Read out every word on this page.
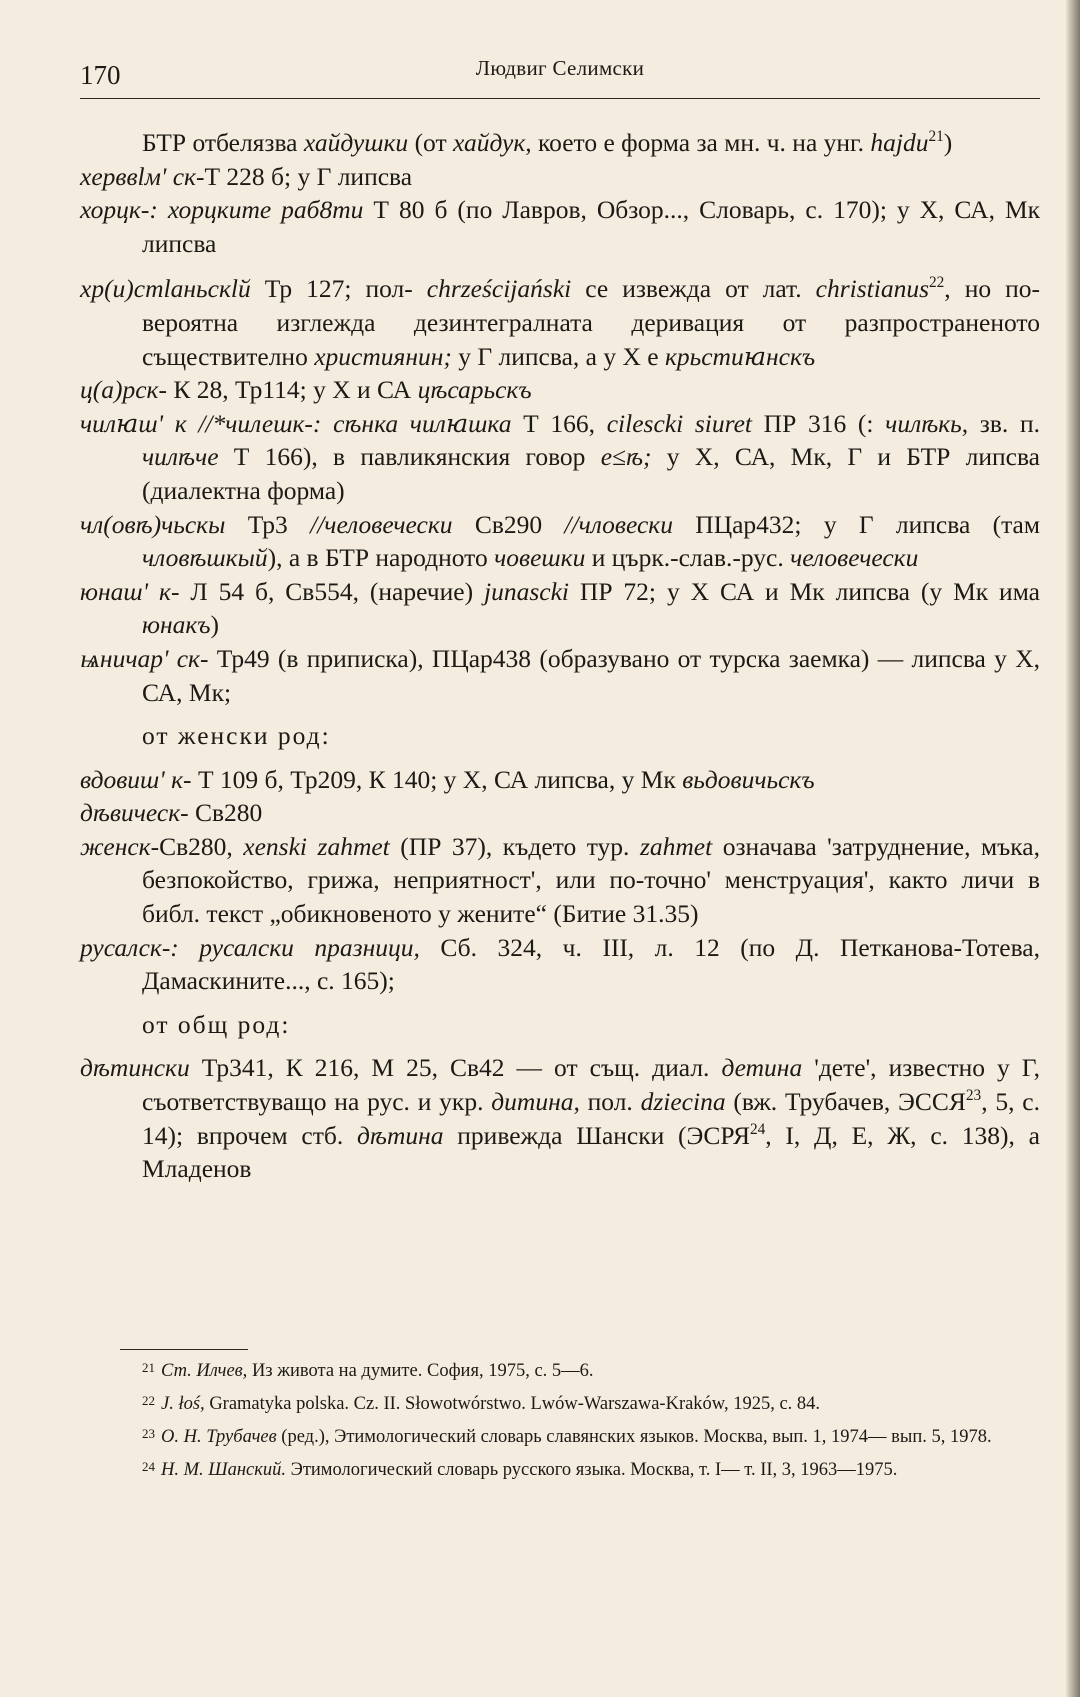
170	Людвиг Селимски
БТР отбелязва хайдушки (от хайдук, което е форма за мн. ч. на унг. hajdu$^{21}$)
херввlм' ск-Т 228 б; у Г липсва
хорцк-: хорцките раб8ти Т 80 б (по Лавров, Обзор..., Словарь, с. 170); у Х, СА, Мк липсва
хр(и)стlаньскlй Тр 127; пол- chrześcijański се извежда от лат. christianus$^{22}$, но по-вероятна изглежда дезинтегралната деривация от разпространеното съществително християнин; у Г липсва, а у Х е крьстиꙗнскъ
ц(а)рск- К 28, Тр114; у Х и СА цѣсарьскъ
чилꙗш' к //*чилешк-: сѣнка чилꙗшка Т 166, cilescki siuret ПР 316 (: чилѣкь, зв. п. чилѣче Т 166), в павликянския говор e≤ѣ; у Х, СА, Мк, Г и БТР липсва (диалектна форма)
чл(овѣ)чьскы Тр3 //человечески Св290 //чловески ПЦар432; у Г липсва (там чловѣшкый), а в БТР народното човешки и църк.-слав.-рус. человечески
юнаш' к- Л 54 б, Св554, (наречие) junascki ПР 72; у Х СА и Мк липсва (у Мк има юнакъ)
ѩничар' ск- Тр49 (в приписка), ПЦар438 (образувано от турска заемка) — липсва у Х, СА, Мк;
от женски род:
вдовиш' к- Т 109 б, Тр209, К 140; у Х, СА липсва, у Мк вьдовичьскъ
дѣвическ- Св280
женск-Св280, xenski zahmet (ПР 37), където тур. zahmet означава 'затруднение, мъка, безпокойство, грижа, неприятност', или по-точно' менструация', както личи в библ. текст „обикновеното у жените“ (Битие 31.35)
русалск-: русалски празници, Сб. 324, ч. III, л. 12 (по Д. Петканова-Тотева, Дамаскините..., с. 165);
от общ род:
дѣтински Тр341, К 216, М 25, Св42 — от същ. диал. детина 'дете', известно у Г, съответствуващо на рус. и укр. дитина, пол. dziecina (вж. Трубачев, ЭССЯ$^{23}$, 5, с. 14); впрочем стб. дѣтина привежда Шански (ЭСРЯ$^{24}$, I, Д, Е, Ж, с. 138), а Младенов
$^{21}$ Ст. Илчев, Из живота на думите. София, 1975, с. 5—6.
$^{22}$ J. łoś, Gramatyka polska. Cz. II. Słowotwórstwo. Lwów-Warszawa-Kraków, 1925, с. 84.
$^{23}$ О. Н. Трубачев (ред.), Этимологический словарь славянских языков. Москва, вып. 1, 1974— вып. 5, 1978.
$^{24}$ Н. М. Шанский. Этимологический словарь русского языка. Москва, т. I— т. II, 3, 1963—1975.
